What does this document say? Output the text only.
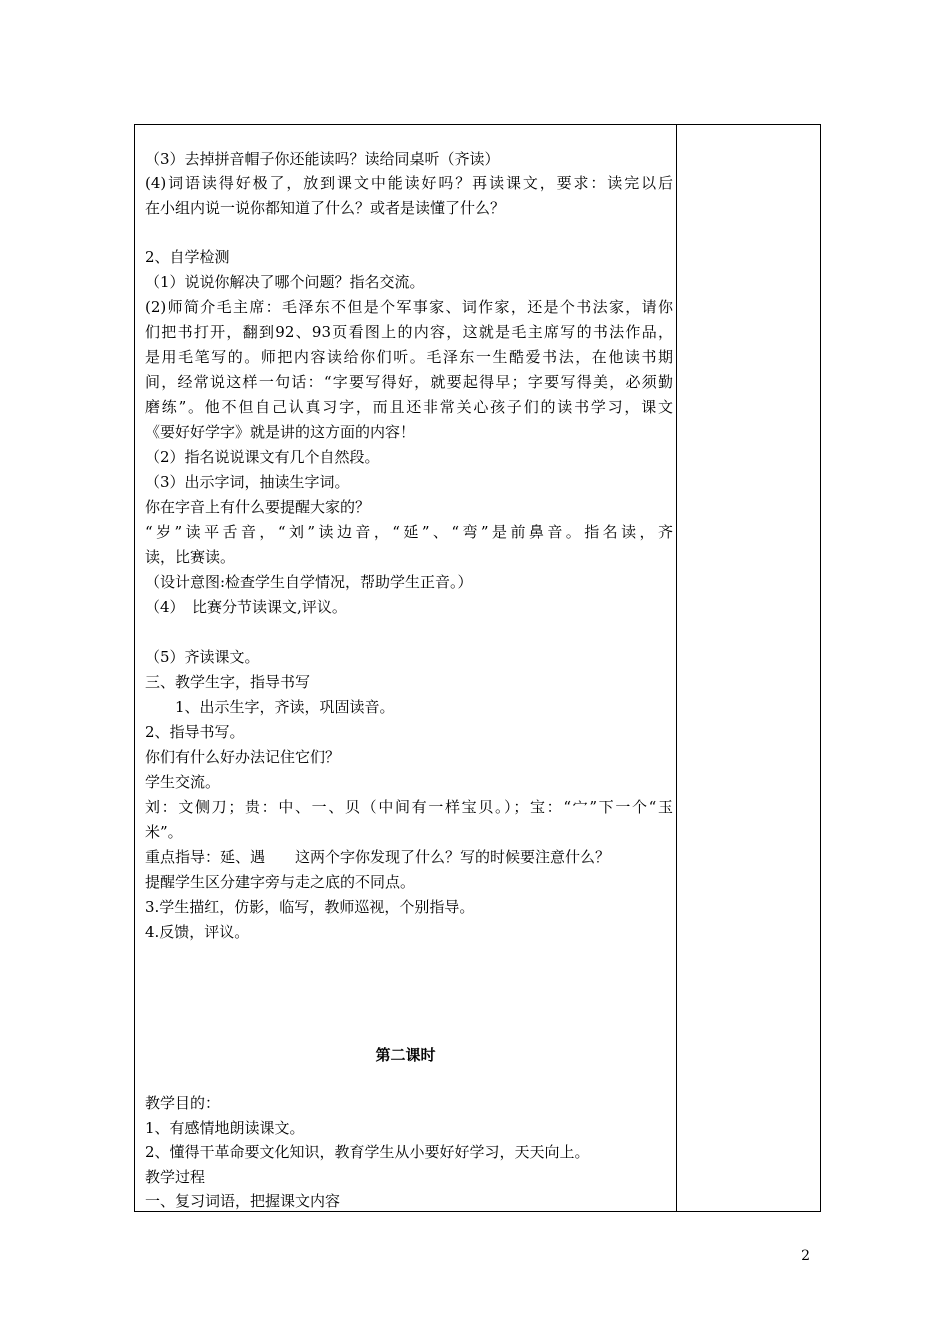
（3）去掉拼音帽子你还能读吗？读给同桌听（齐读）
(4)词语读得好极了，放到课文中能读好吗？再读课文，要求：读完以后
在小组内说一说你都知道了什么？或者是读懂了什么？
2、自学检测
（1）说说你解决了哪个问题？指名交流。
(2)师简介毛主席：毛泽东不但是个军事家、词作家，还是个书法家，请你
们把书打开，翻到92、93页看图上的内容，这就是毛主席写的书法作品，
是用毛笔写的。师把内容读给你们听。毛泽东一生酷爱书法，在他读书期
间，经常说这样一句话：“字要写得好，就要起得早；字要写得美，必须勤
磨练”。他不但自己认真习字，而且还非常关心孩子们的读书学习，课文
《要好好学字》就是讲的这方面的内容！
（2）指名说说课文有几个自然段。
（3）出示字词，抽读生字词。
你在字音上有什么要提醒大家的？
“岁”读平舌音，“刘”读边音，“延”、“弯”是前鼻音。指名读，齐
读，比赛读。
（设计意图:检查学生自学情况，帮助学生正音。）
（4）　比赛分节读课文,评议。
（5）齐读课文。
三、教学生字，指导书写
　　1、出示生字，齐读，巩固读音。
2、指导书写。
你们有什么好办法记住它们？
学生交流。
刘：文侧刀；贵：中、一、贝（中间有一样宝贝。）；宝：“宀”下一个“玉
米”。
重点指导：延、遇　　这两个字你发现了什么？写的时候要注意什么？
提醒学生区分建字旁与走之底的不同点。
3.学生描红，仿影，临写，教师巡视，个别指导。
4.反馈，评议。
第二课时
教学目的：
1、有感情地朗读课文。
2、懂得干革命要文化知识，教育学生从小要好好学习，天天向上。
教学过程
一、复习词语，把握课文内容
2
